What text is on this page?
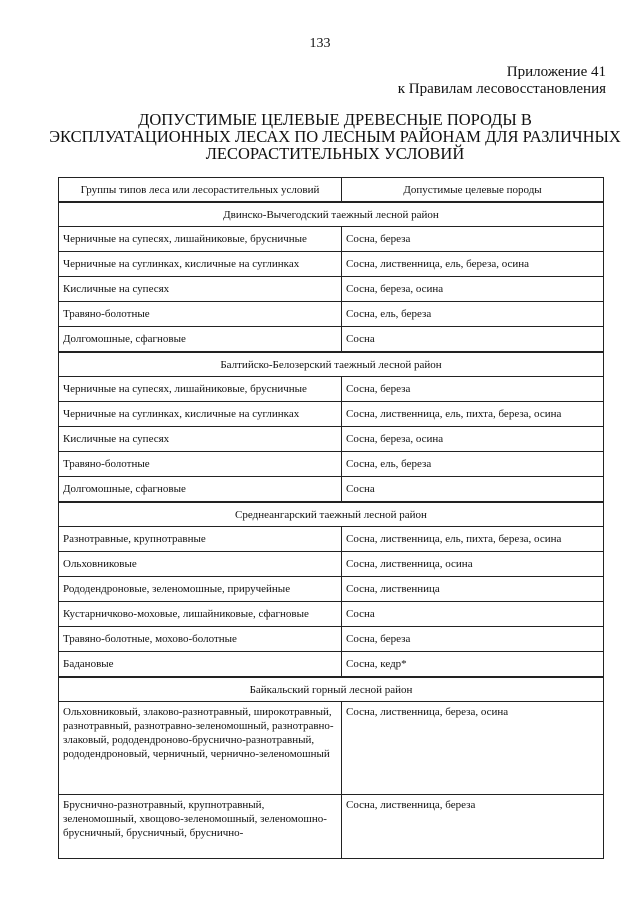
133
Приложение 41
к Правилам лесовосстановления
ДОПУСТИМЫЕ ЦЕЛЕВЫЕ ДРЕВЕСНЫЕ ПОРОДЫ В
ЭКСПЛУАТАЦИОННЫХ ЛЕСАХ ПО ЛЕСНЫМ РАЙОНАМ ДЛЯ РАЗЛИЧНЫХ
ЛЕСОРАСТИТЕЛЬНЫХ УСЛОВИЙ
Группы типов леса или лесорастительных условий	Допустимые целевые породы
Двинско-Вычегодский таежный лесной район	
Черничные на супесях, лишайниковые, брусничные	Сосна, береза
Черничные на суглинках, кисличные на суглинках	Сосна, лиственница, ель, береза, осина
Кисличные на супесях	Сосна, береза, осина
Травяно-болотные	Сосна, ель, береза
Долгомошные, сфагновые	Сосна
Балтийско-Белозерский таежный лесной район	
Черничные на супесях, лишайниковые, брусничные	Сосна, береза
Черничные на суглинках, кисличные на суглинках	Сосна, лиственница, ель, пихта, береза, осина
Кисличные на супесях	Сосна, береза, осина
Травяно-болотные	Сосна, ель, береза
Долгомошные, сфагновые	Сосна
Среднеангарский таежный лесной район	
Разнотравные, крупнотравные	Сосна, лиственница, ель, пихта, береза, осина
Ольховниковые	Сосна, лиственница, осина
Рододендроновые, зеленомошные, приручейные	Сосна, лиственница
Кустарничково-моховые, лишайниковые, сфагновые	Сосна
Травяно-болотные, мохово-болотные	Сосна, береза
Бадановые	Сосна, кедр*
Байкальский горный лесной район	
Ольховниковый, злаково-разнотравный, широкотравный, разнотравный, разнотравно-зеленомошный, разнотравно-злаковый, рододендроново-бруснично-разнотравный, рододендроновый, черничный, чернично-зеленомошный	Сосна, лиственница, береза, осина
Бруснично-разнотравный, крупнотравный, зеленомошный, хвощово-зеленомошный, зеленомошно-брусничный, брусничный, бруснично-	Сосна, лиственница, береза
